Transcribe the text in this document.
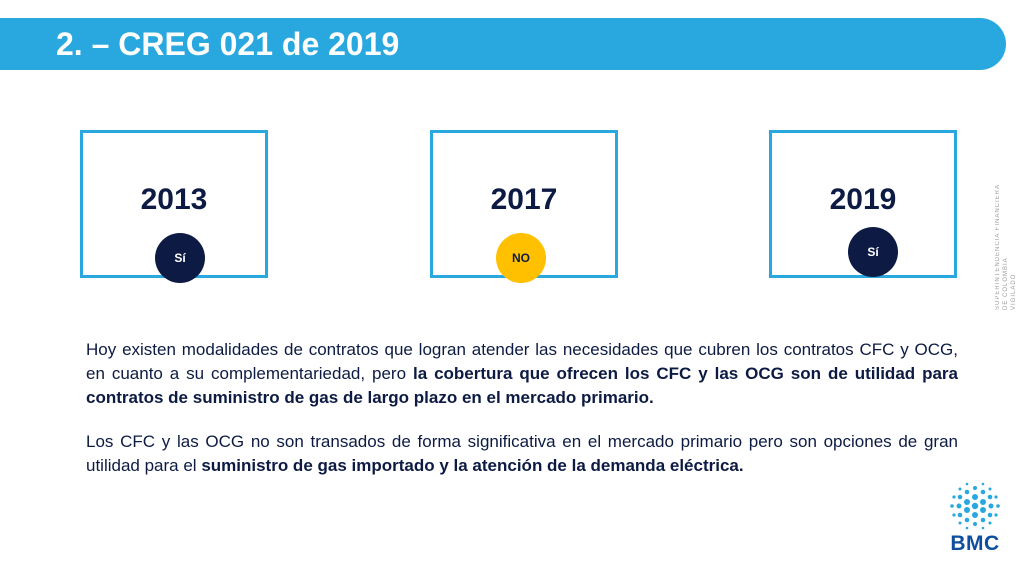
2. – CREG 021 de 2019
2013
Sí
2017
NO
2019
Sí	SUPERINTENDENCIA FINANCIERA DE COLOMBIA VIGILADO

Hoy existen modalidades de contratos que logran atender las necesidades que cubren los contratos CFC y OCG, en cuanto a su complementariedad, pero la cobertura que ofrecen los CFC y las OCG son de utilidad para contratos de suministro de gas de largo plazo en el mercado primario.

Los CFC y las OCG no son transados de forma significativa en el mercado primario pero son opciones de gran utilidad para el suministro de gas importado y la atención de la demanda eléctrica.

BMC
